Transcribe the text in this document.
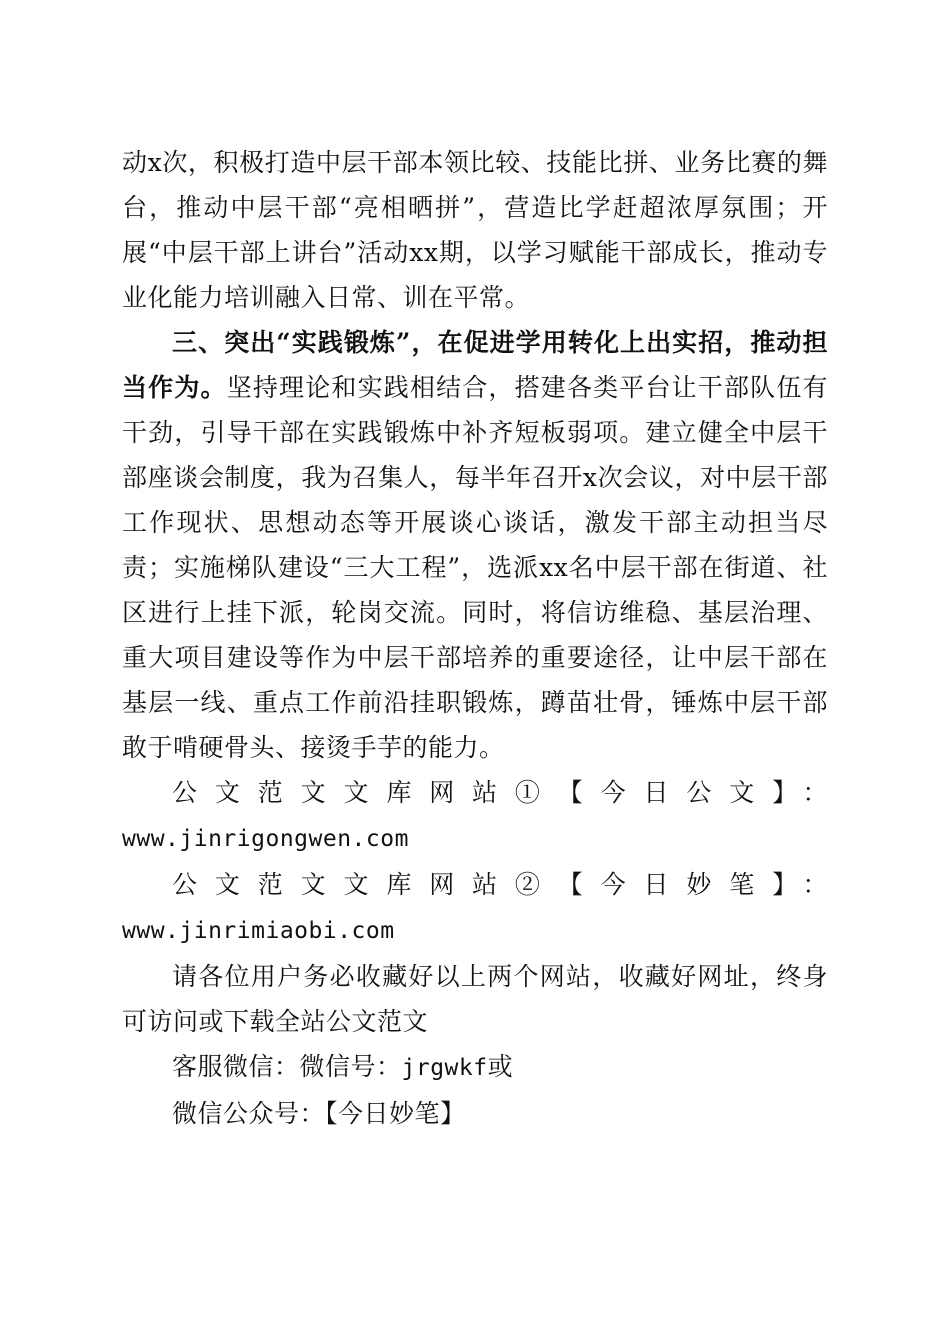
动x次，积极打造中层干部本领比较、技能比拼、业务比赛的舞台，推动中层干部“亮相晒拼”，营造比学赶超浓厚氛围；开展“中层干部上讲台”活动xx期，以学习赋能干部成长，推动专业化能力培训融入日常、训在平常。

三、突出“实践锻炼”，在促进学用转化上出实招，推动担当作为。坚持理论和实践相结合，搭建各类平台让干部队伍有干劲，引导干部在实践锻炼中补齐短板弱项。建立健全中层干部座谈会制度，我为召集人，每半年召开x次会议，对中层干部工作现状、思想动态等开展谈心谈话，激发干部主动担当尽责；实施梯队建设“三大工程”，选派xx名中层干部在街道、社区进行上挂下派，轮岗交流。同时，将信访维稳、基层治理、重大项目建设等作为中层干部培养的重要途径，让中层干部在基层一线、重点工作前沿挂职锻炼，蹲苗壮骨，锤炼中层干部敢于啃硬骨头、接烫手芋的能力。

公文范文文库网站①【今日公文】：

www.jinrigongwen.com

公文范文文库网站②【今日妙笔】：www.jinrimiaobi.com

请各位用户务必收藏好以上两个网站，收藏好网址，终身可访问或下载全站公文范文

客服微信：微信号：jrgwkf或

微信公众号：【今日妙笔】
